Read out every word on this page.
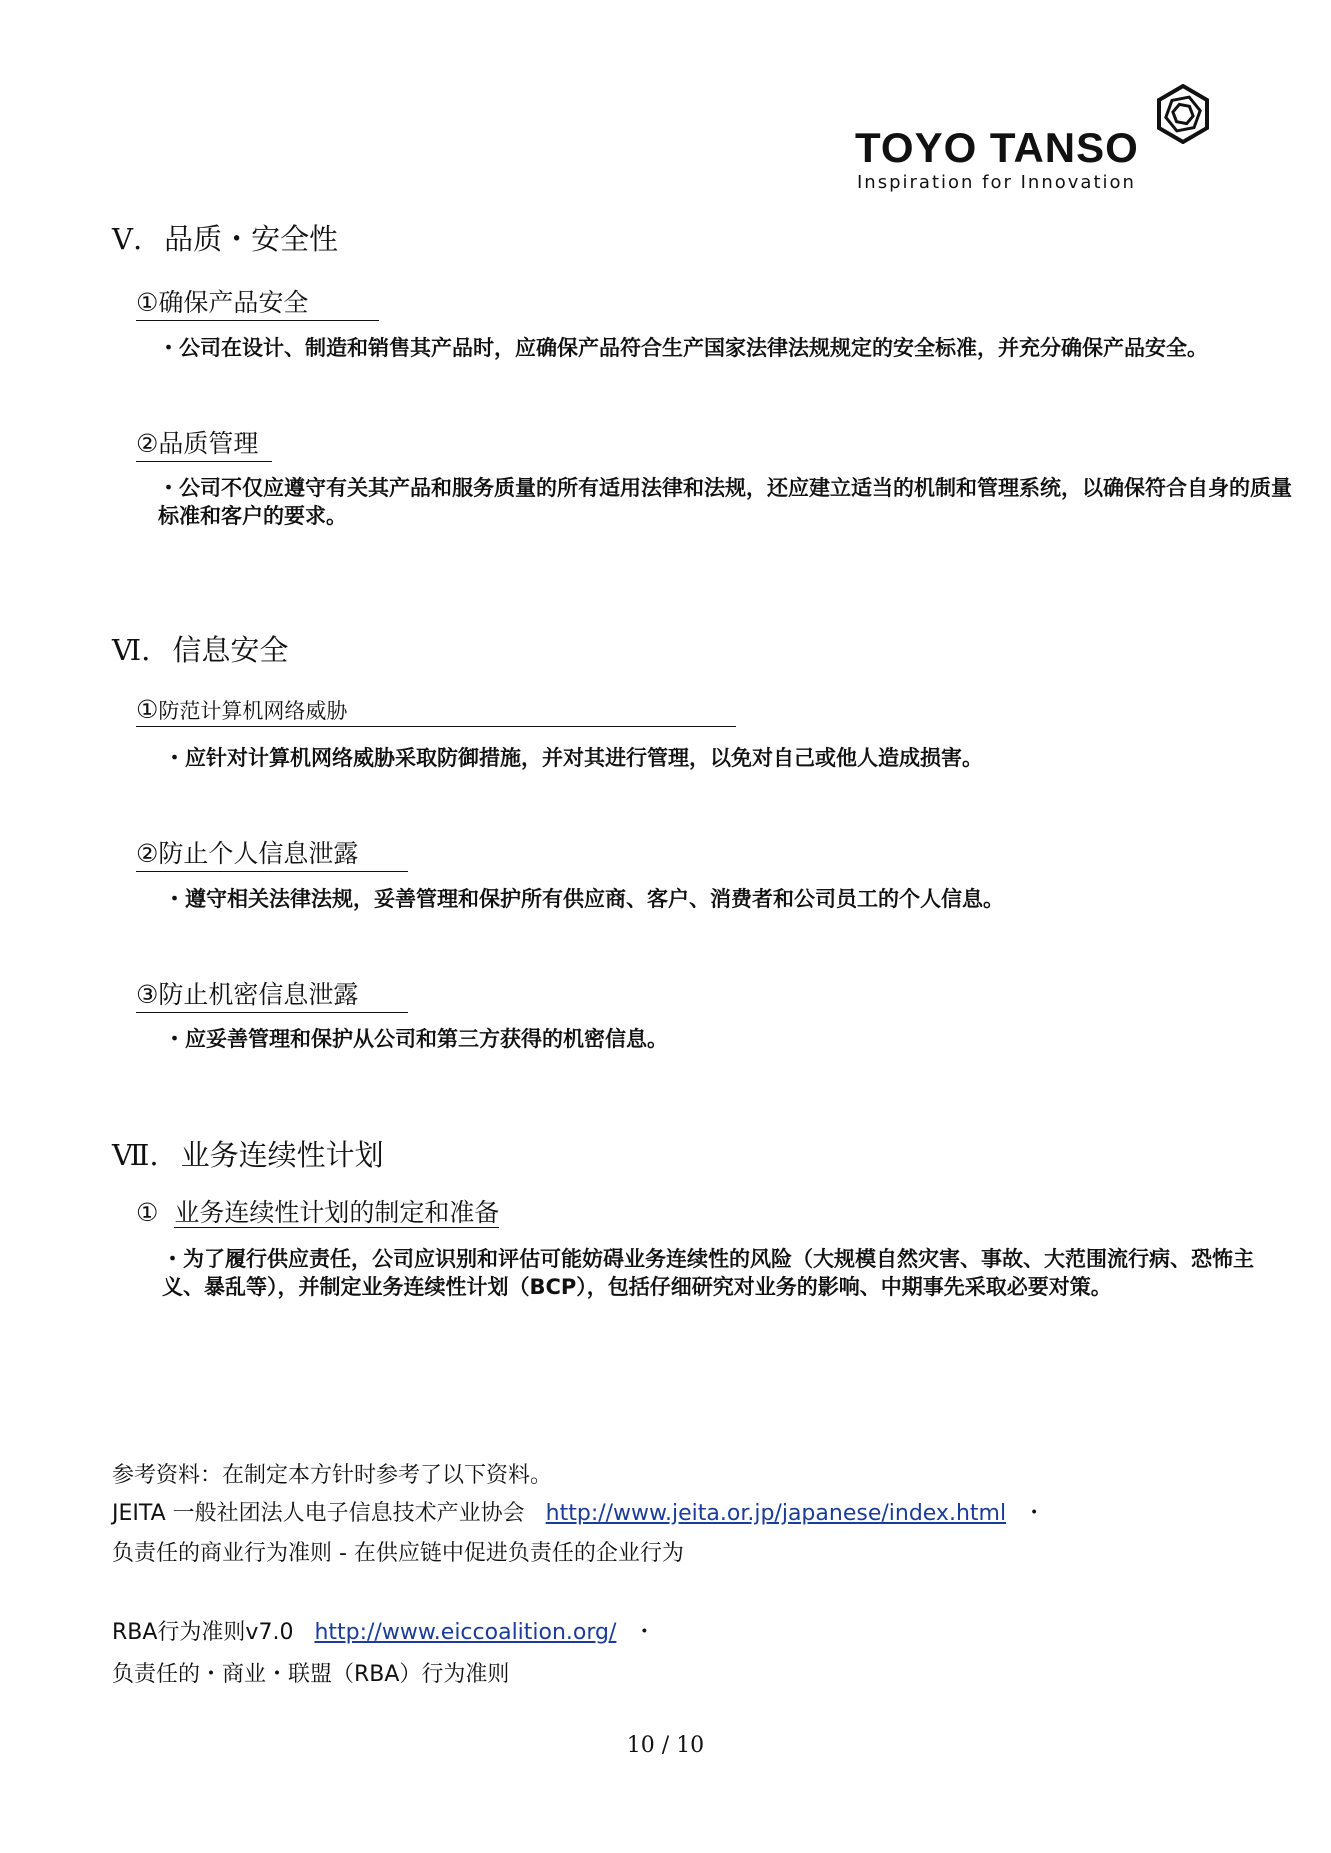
TOYO TANSO
Inspiration for Innovation
Ⅴ. 品质・安全性
①确保产品安全
・公司在设计、制造和销售其产品时，应确保产品符合生产国家法律法规规定的安全标准，并充分确保产品安全。
②品质管理
・公司不仅应遵守有关其产品和服务质量的所有适用法律和法规，还应建立适当的机制和管理系统，以确保符合自身的质量标准和客户的要求。
Ⅵ. 信息安全
①防范计算机网络威胁
・应针对计算机网络威胁采取防御措施，并对其进行管理，以免对自己或他人造成损害。
②防止个人信息泄露
・遵守相关法律法规，妥善管理和保护所有供应商、客户、消费者和公司员工的个人信息。
③防止机密信息泄露
・应妥善管理和保护从公司和第三方获得的机密信息。
Ⅶ. 业务连续性计划
① 业务连续性计划的制定和准备
・为了履行供应责任，公司应识别和评估可能妨碍业务连续性的风险（大规模自然灾害、事故、大范围流行病、恐怖主义、暴乱等），并制定业务连续性计划（BCP），包括仔细研究对业务的影响、中期事先采取必要对策。
参考资料：在制定本方针时参考了以下资料。
JEITA 一般社团法人电子信息技术产业协会 http://www.jeita.or.jp/japanese/index.html ・
负责任的商业行为准则 - 在供应链中促进负责任的企业行为
RBA行为准则v7.0 http://www.eiccoalition.org/ ・
负责任的・商业・联盟（RBA）行为准则
10 / 10
